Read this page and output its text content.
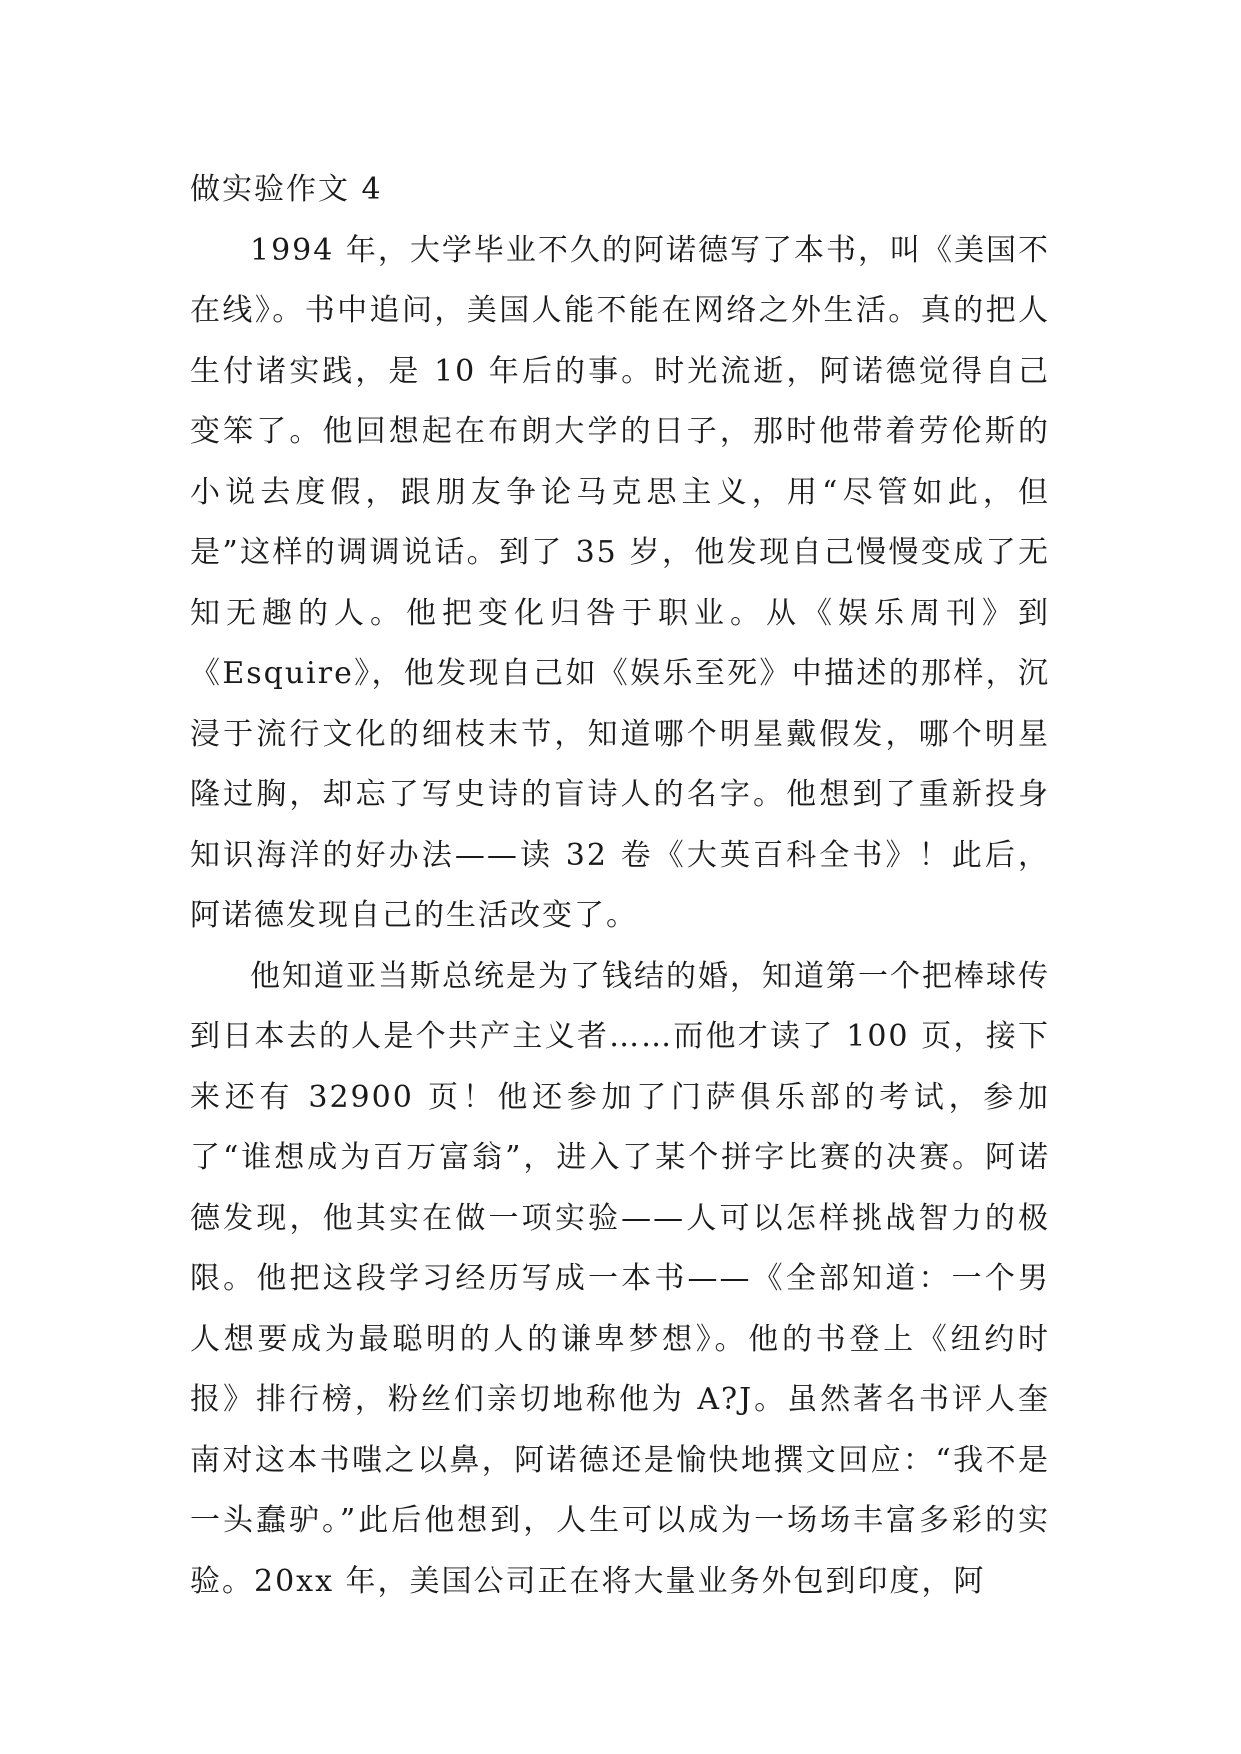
做实验作文 4

1994 年，大学毕业不久的阿诺德写了本书，叫《美国不在线》。书中追问，美国人能不能在网络之外生活。真的把人生付诸实践，是 10 年后的事。时光流逝，阿诺德觉得自己变笨了。他回想起在布朗大学的日子，那时他带着劳伦斯的小说去度假，跟朋友争论马克思主义，用“尽管如此，但是”这样的调调说话。到了 35 岁，他发现自己慢慢变成了无知无趣的人。他把变化归咎于职业。从《娱乐周刊》到《Esquire》，他发现自己如《娱乐至死》中描述的那样，沉浸于流行文化的细枝末节，知道哪个明星戴假发，哪个明星隆过胸，却忘了写史诗的盲诗人的名字。他想到了重新投身知识海洋的好办法——读 32 卷《大英百科全书》！此后，阿诺德发现自己的生活改变了。

他知道亚当斯总统是为了钱结的婚，知道第一个把棒球传到日本去的人是个共产主义者……而他才读了 100 页，接下来还有 32900 页！他还参加了门萨俱乐部的考试，参加了“谁想成为百万富翁”，进入了某个拼字比赛的决赛。阿诺德发现，他其实在做一项实验——人可以怎样挑战智力的极限。他把这段学习经历写成一本书——《全部知道：一个男人想要成为最聪明的人的谦卑梦想》。他的书登上《纽约时报》排行榜，粉丝们亲切地称他为 A?J。虽然著名书评人奎南对这本书嗤之以鼻，阿诺德还是愉快地撰文回应：“我不是一头蠢驴。”此后他想到，人生可以成为一场场丰富多彩的实验。20xx 年，美国公司正在将大量业务外包到印度，阿
